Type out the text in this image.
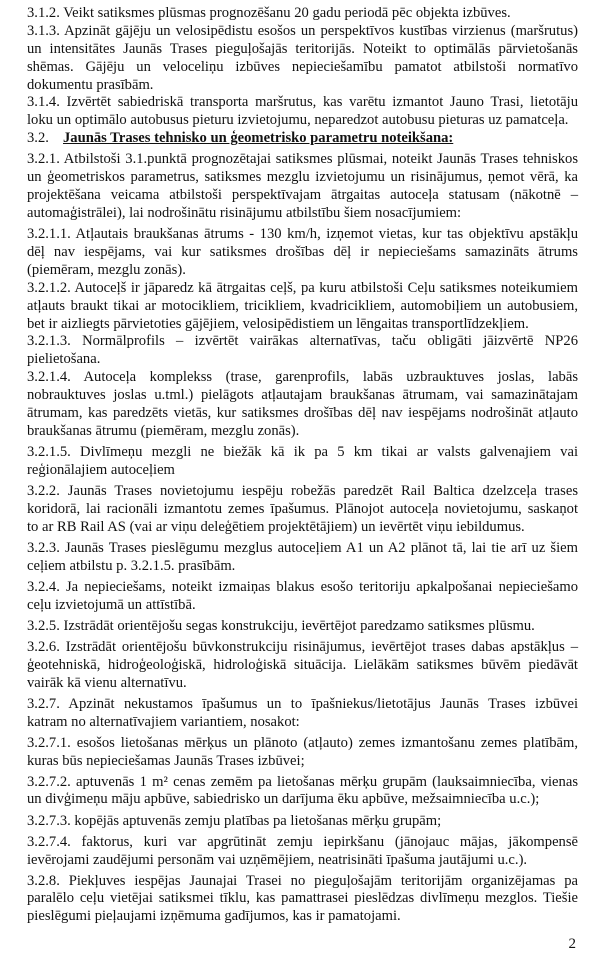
3.1.2. Veikt satiksmes plūsmas prognozēšanu 20 gadu periodā pēc objekta izbūves.
3.1.3. Apzināt gājēju un velosipēdistu esošos un perspektīvos kustības virzienus (maršrutus)
un intensitātes Jaunās Trases pieguļošajās teritorijās. Noteikt to optimālās pārvietošanās
shēmas. Gājēju un veloceliņu izbūves nepieciešamību pamatot atbilstoši normatīvo
dokumentu prasībām.
3.1.4. Izvērtēt sabiedriskā transporta maršrutus, kas varētu izmantot Jauno Trasi, lietotāju
loku un optimālo autobusus pieturu izvietojumu, neparedzot autobusu pieturas uz pamatceļa.
3.2. Jaunās Trases tehnisko un ģeometrisko parametru noteikšana:
3.2.1. Atbilstoši 3.1.punktā prognozētajai satiksmes plūsmai, noteikt Jaunās Trases tehniskos
un ģeometriskos parametrus, satiksmes mezglu izvietojumu un risinājumus, ņemot vērā, ka
projektēšana veicama atbilstoši perspektīvajam ātrgaitas autoceļa statusam (nākotnē –
automaģistrālei), lai nodrošinātu risinājumu atbilstību šiem nosacījumiem:
3.2.1.1. Atļautais braukšanas ātrums - 130 km/h, izņemot vietas, kur tas objektīvu apstākļu
dēļ nav iespējams, vai kur satiksmes drošības dēļ ir nepieciešams samazināts ātrums
(piemēram, mezglu zonās).
3.2.1.2. Autoceļš ir jāparedz kā ātrgaitas ceļš, pa kuru atbilstoši Ceļu satiksmes noteikumiem
atļauts braukt tikai ar motocikliem, tricikliem, kvadricikliem, automobiļiem un autobusiem,
bet ir aizliegts pārvietoties gājējiem, velosipēdistiem un lēngaitas transportlīdzekļiem.
3.2.1.3. Normālprofils – izvērtēt vairākas alternatīvas, taču obligāti jāizvērtē NP26
pielietošana.
3.2.1.4. Autoceļa komplekss (trase, garenprofils, labās uzbrauktuves joslas, labās
nobrauktuves joslas u.tml.) pielāgots atļautajam braukšanas ātrumam, vai samazinātajam
ātrumam, kas paredzēts vietās, kur satiksmes drošības dēļ nav iespējams nodrošināt atļauto
braukšanas ātrumu (piemēram, mezglu zonās).
3.2.1.5. Divlīmeņu mezgli ne biežāk kā ik pa 5 km tikai ar valsts galvenajiem vai
reģionālajiem autoceļiem
3.2.2. Jaunās Trases novietojumu iespēju robežās paredzēt Rail Baltica dzelzceļa trases
koridorā, lai racionāli izmantotu zemes īpašumus. Plānojot autoceļa novietojumu, saskaņot
to ar RB Rail AS (vai ar viņu deleģētiem projektētājiem) un ievērtēt viņu iebildumus.
3.2.3. Jaunās Trases pieslēgumu mezglus autoceļiem A1 un A2 plānot tā, lai tie arī uz šiem
ceļiem atbilstu p. 3.2.1.5. prasībām.
3.2.4. Ja nepieciešams, noteikt izmaiņas blakus esošo teritoriju apkalpošanai nepieciešamo
ceļu izvietojumā un attīstībā.
3.2.5. Izstrādāt orientējošu segas konstrukciju, ievērtējot paredzamo satiksmes plūsmu.
3.2.6. Izstrādāt orientējošu būvkonstrukciju risinājumus, ievērtējot trases dabas apstākļus –
ģeotehniskā, hidroģeoloģiskā, hidroloģiskā situācija. Lielākām satiksmes būvēm piedāvāt
vairāk kā vienu alternatīvu.
3.2.7. Apzināt nekustamos īpašumus un to īpašniekus/lietotājus Jaunās Trases izbūvei
katram no alternatīvajiem variantiem, nosakot:
3.2.7.1. esošos lietošanas mērķus un plānoto (atļauto) zemes izmantošanu zemes platībām,
kuras būs nepieciešamas Jaunās Trases izbūvei;
3.2.7.2. aptuvenās 1 m² cenas zemēm pa lietošanas mērķu grupām (lauksaimniecība, vienas
un divģimeņu māju apbūve, sabiedrisko un darījuma ēku apbūve, mežsaimniecība u.c.);
3.2.7.3. kopējās aptuvenās zemju platības pa lietošanas mērķu grupām;
3.2.7.4. faktorus, kuri var apgrūtināt zemju iepirkšanu (jānojauc mājas, jākompensē
ievērojami zaudējumi personām vai uzņēmējiem, neatrisināti īpašuma jautājumi u.c.).
3.2.8. Piekļuves iespējas Jaunajai Trasei no pieguļošajām teritorijām organizējamas pa
paralēlo ceļu vietējai satiksmei tīklu, kas pamattrasei pieslēdzas divlīmeņu mezglos. Tiešie
pieslēgumi pieļaujami izņēmuma gadījumos, kas ir pamatojami.
2
